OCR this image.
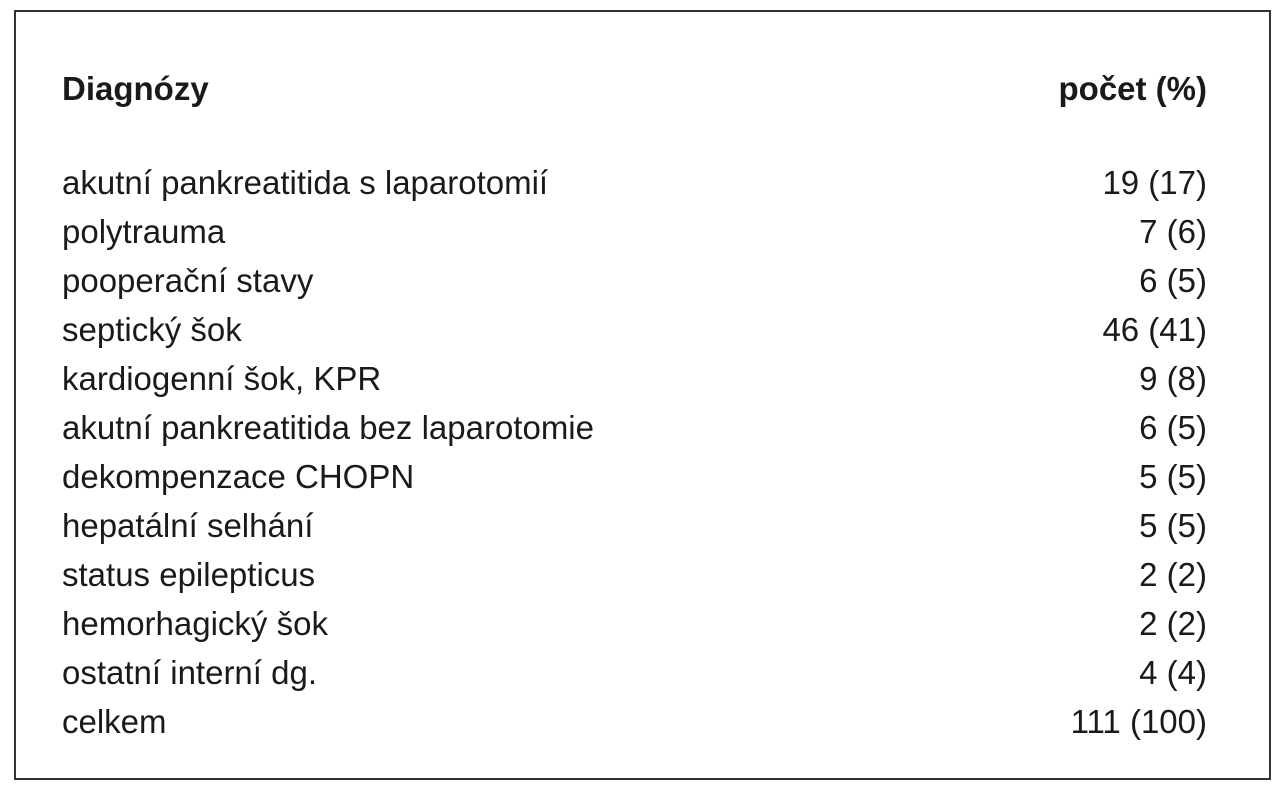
Diagnózy	počet (%)
akutní pankreatitida s laparotomií	19 (17)
polytrauma	7 (6)
pooperační stavy	6 (5)
septický šok	46 (41)
kardiogenní šok, KPR	9 (8)
akutní pankreatitida bez laparotomie	6 (5)
dekompenzace CHOPN	5 (5)
hepatální selhání	5 (5)
status epilepticus	2 (2)
hemorhagický šok	2 (2)
ostatní interní dg.	4 (4)
celkem	111 (100)
